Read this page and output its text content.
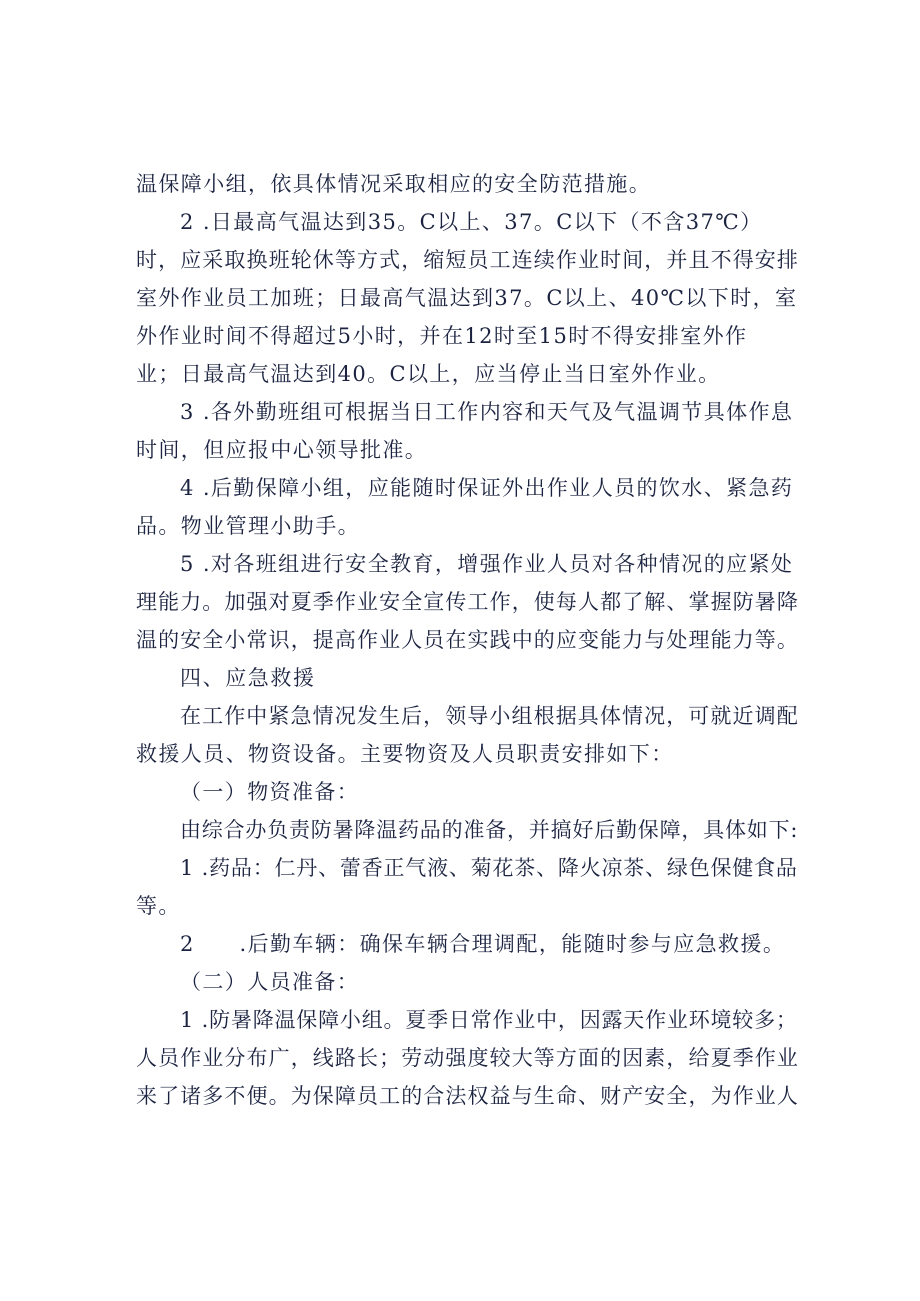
温保障小组，依具体情况采取相应的安全防范措施。
2 .日最高气温达到35。C以上、37。C以下（不含37℃）
时，应采取换班轮休等方式，缩短员工连续作业时间，并且不得安排
室外作业员工加班；日最高气温达到37。C以上、40℃以下时，室
外作业时间不得超过5小时，并在12时至15时不得安排室外作
业；日最高气温达到40。C以上，应当停止当日室外作业。
3 .各外勤班组可根据当日工作内容和天气及气温调节具体作息
时间，但应报中心领导批准。
4 .后勤保障小组，应能随时保证外出作业人员的饮水、紧急药
品。物业管理小助手。
5 .对各班组进行安全教育，增强作业人员对各种情况的应紧处
理能力。加强对夏季作业安全宣传工作，使每人都了解、掌握防暑降
温的安全小常识，提高作业人员在实践中的应变能力与处理能力等。
四、应急救援
在工作中紧急情况发生后，领导小组根据具体情况，可就近调配
救援人员、物资设备。主要物资及人员职责安排如下：
（一）物资准备：
由综合办负责防暑降温药品的准备，并搞好后勤保障，具体如下:
1 .药品：仁丹、蕾香正气液、菊花茶、降火凉茶、绿色保健食品
等。
2　　.后勤车辆：确保车辆合理调配，能随时参与应急救援。
（二）人员准备：
1 .防暑降温保障小组。夏季日常作业中，因露天作业环境较多；
人员作业分布广，线路长；劳动强度较大等方面的因素，给夏季作业
来了诸多不便。为保障员工的合法权益与生命、财产安全，为作业人
